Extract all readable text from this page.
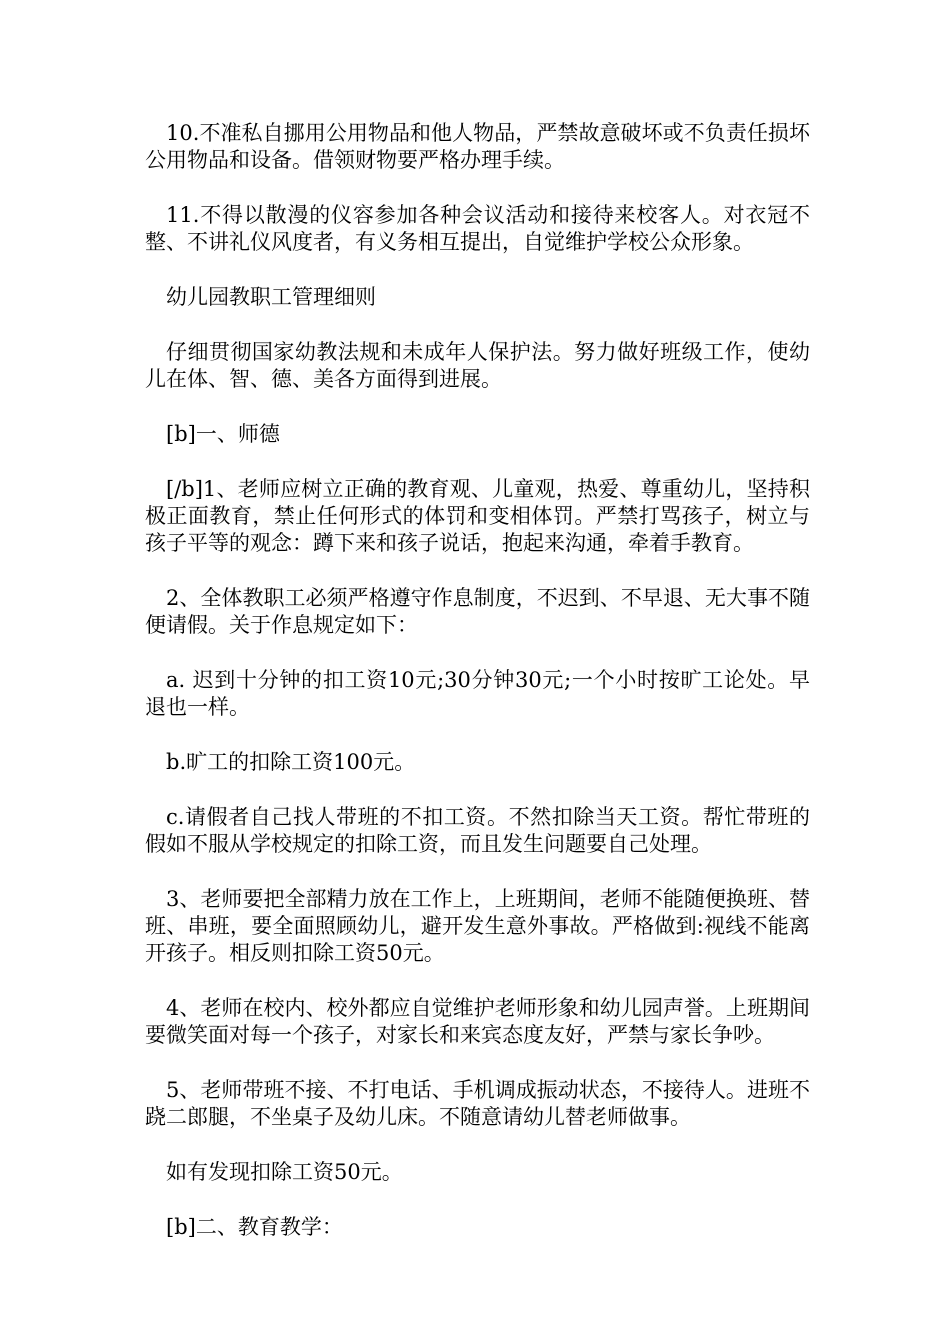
10.不准私自挪用公用物品和他人物品，严禁故意破坏或不负责任损坏公用物品和设备。借领财物要严格办理手续。

11.不得以散漫的仪容参加各种会议活动和接待来校客人。对衣冠不整、不讲礼仪风度者，有义务相互提出，自觉维护学校公众形象。

幼儿园教职工管理细则

仔细贯彻国家幼教法规和未成年人保护法。努力做好班级工作，使幼儿在体、智、德、美各方面得到进展。

[b]一、师德

[/b]1、老师应树立正确的教育观、儿童观，热爱、尊重幼儿，坚持积极正面教育，禁止任何形式的体罚和变相体罚。严禁打骂孩子，树立与孩子平等的观念：蹲下来和孩子说话，抱起来沟通，牵着手教育。

2、全体教职工必须严格遵守作息制度，不迟到、不早退、无大事不随便请假。关于作息规定如下：

a. 迟到十分钟的扣工资10元;30分钟30元;一个小时按旷工论处。早退也一样。

b.旷工的扣除工资100元。

c.请假者自己找人带班的不扣工资。不然扣除当天工资。帮忙带班的假如不服从学校规定的扣除工资，而且发生问题要自己处理。

3、老师要把全部精力放在工作上，上班期间，老师不能随便换班、替班、串班，要全面照顾幼儿，避开发生意外事故。严格做到:视线不能离开孩子。相反则扣除工资50元。

4、老师在校内、校外都应自觉维护老师形象和幼儿园声誉。上班期间要微笑面对每一个孩子，对家长和来宾态度友好，严禁与家长争吵。

5、老师带班不接、不打电话、手机调成振动状态，不接待人。进班不跷二郎腿，不坐桌子及幼儿床。不随意请幼儿替老师做事。

如有发现扣除工资50元。

[b]二、教育教学：
